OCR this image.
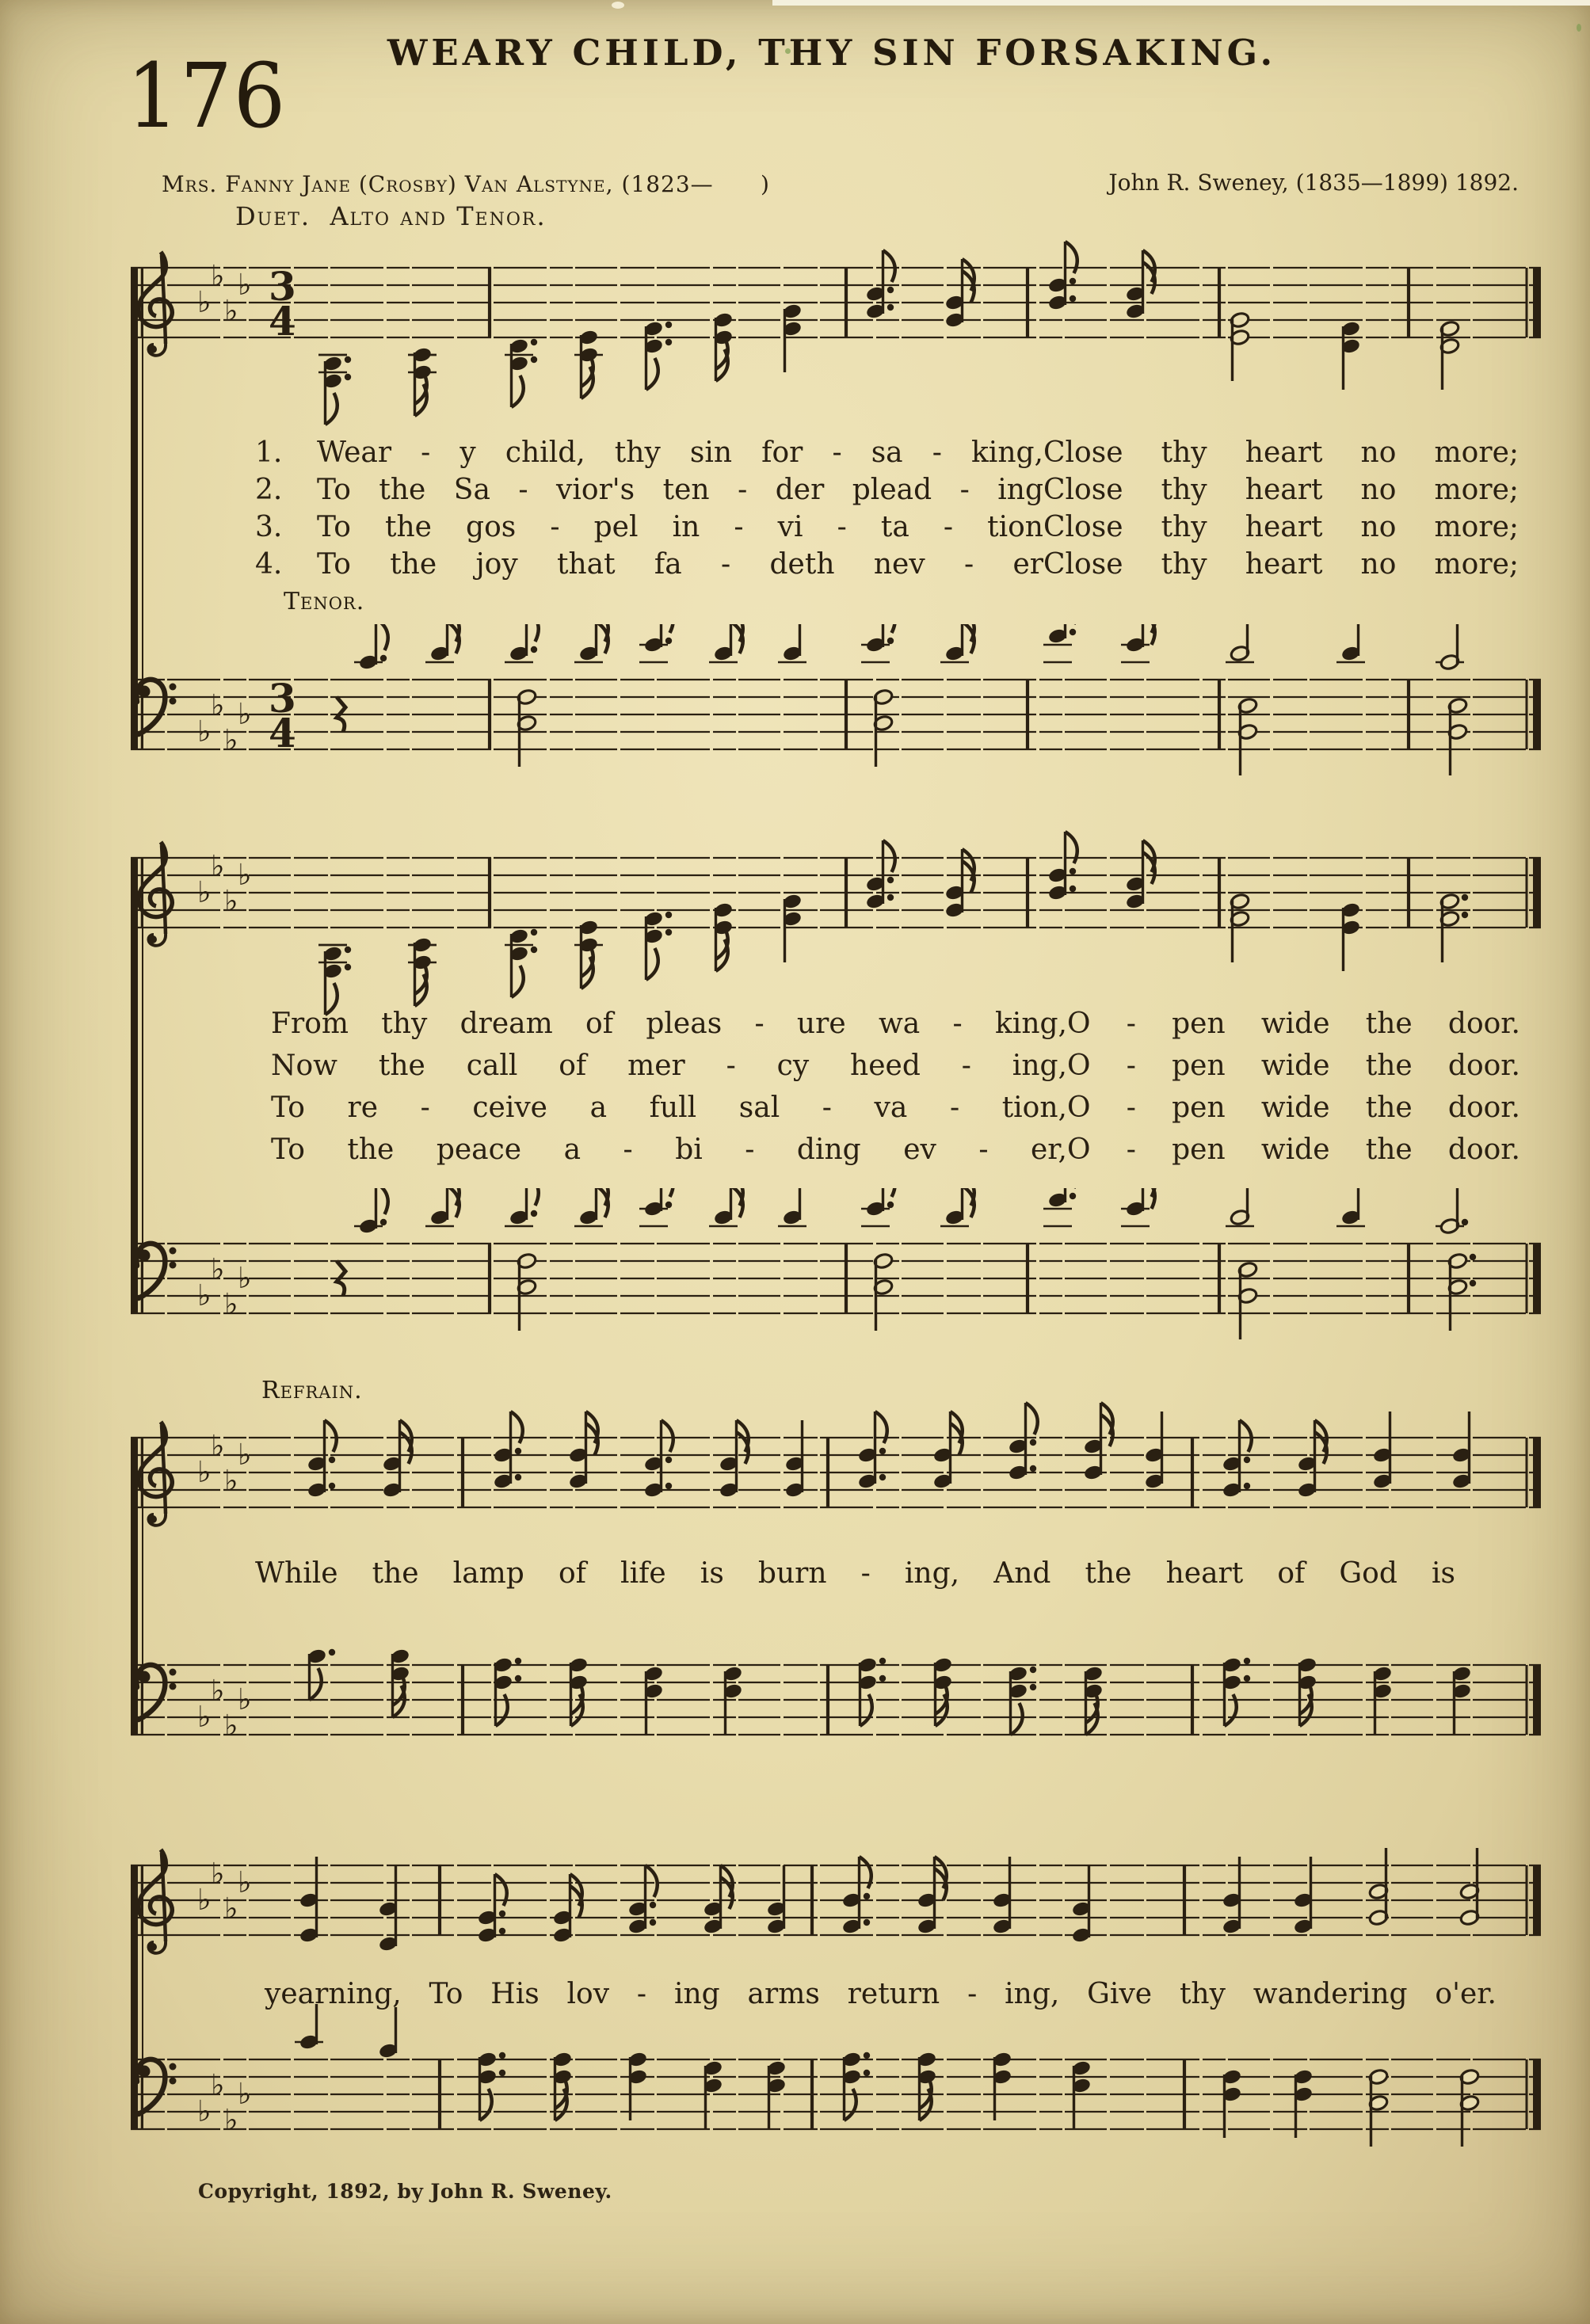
176	WEARY CHILD, THY SIN FORSAKING.
Mrs. Fanny Jane (Crosby) Van Alstyne, (1823—      )	John R. Sweney, (1835—1899) 1892.
Duet.  Alto and Tenor.
Tenor.
Refrain.
♭
♭
♭
♭ 3
4
♭
♭
♭
♭ 3
4
♭
♭
♭
♭
♭
♭
♭
♭
♭
♭
♭
♭
♭
♭
♭
♭
♭
♭
♭
♭
♭
♭
♭
♭
1.	Wear - y child, thy sin for - sa - king, Close thy heart no more;
2.	To the Sa - vior's ten - der plead - ing Close thy heart no more;
3.	To the gos - pel in - vi - ta - tion Close thy heart no more;
4.	To the joy that fa - deth nev - er Close thy heart no more;
From thy dream of pleas - ure wa - king, O - pen wide the door.
Now the call of mer - cy heed - ing, O - pen wide the door.
To re - ceive a full sal - va - tion, O - pen wide the door.
To the peace a - bi - ding ev - er, O - pen wide the door.
While the lamp of life is burn - ing, And the heart of God is
yearning, To His lov - ing arms return - ing, Give thy wandering o'er.
Copyright, 1892, by John R. Sweney.
